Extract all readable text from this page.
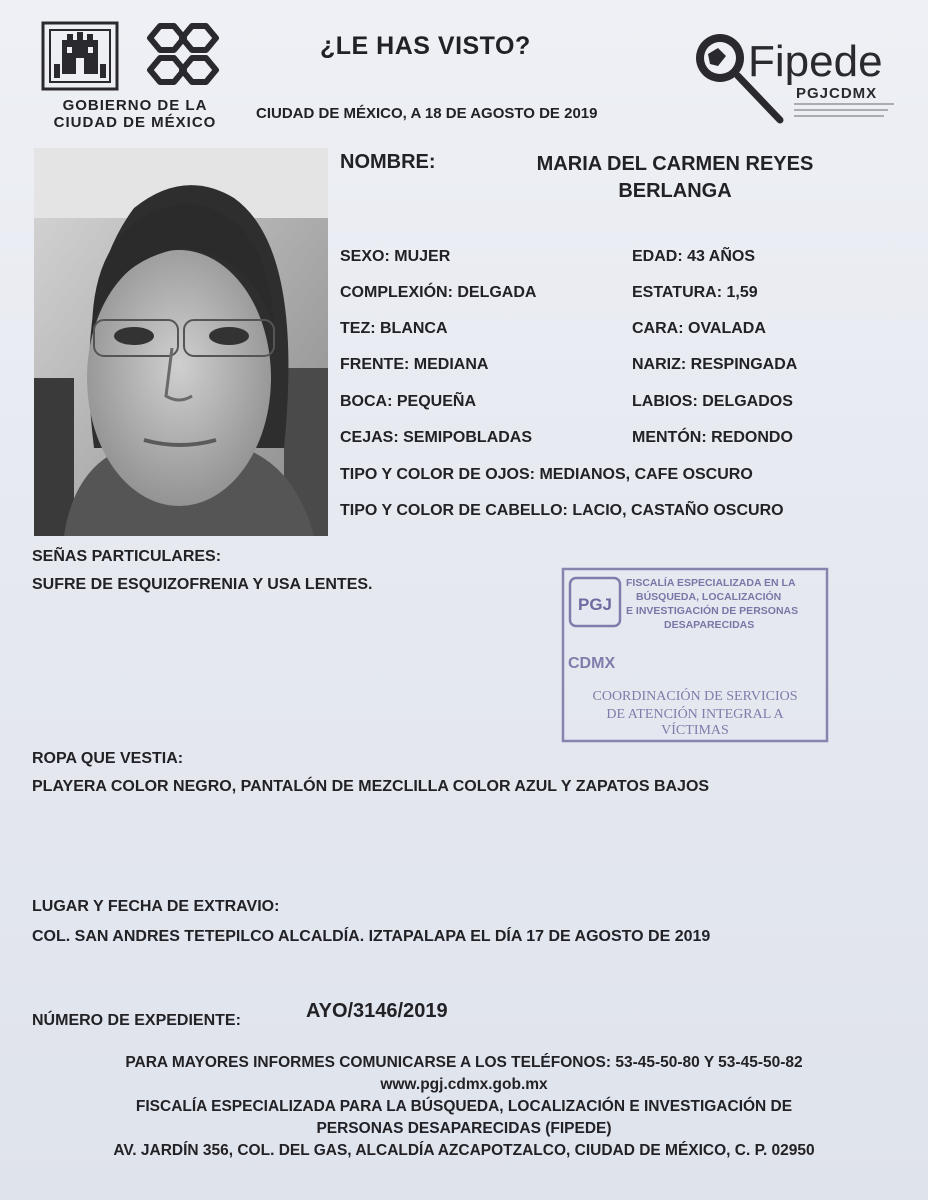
GOBIERNO DE LA
CIUDAD DE MÉXICO
¿LE HAS VISTO?
CIUDAD DE MÉXICO, A 18 DE AGOSTO DE 2019
Fipede
PGJCDMX
NOMBRE:	MARIA DEL CARMEN REYES
BERLANGA
SEXO: MUJER	EDAD: 43 AÑOS
COMPLEXIÓN: DELGADA	ESTATURA: 1,59
TEZ: BLANCA	CARA: OVALADA
FRENTE: MEDIANA	NARIZ: RESPINGADA
BOCA: PEQUEÑA	LABIOS: DELGADOS
CEJAS: SEMIPOBLADAS	MENTÓN: REDONDO
TIPO Y COLOR DE OJOS: MEDIANOS, CAFE OSCURO
TIPO Y COLOR DE CABELLO: LACIO, CASTAÑO OSCURO
SEÑAS PARTICULARES:
SUFRE DE ESQUIZOFRENIA Y USA LENTES.
PGJ
FISCALÍA ESPECIALIZADA EN LA
BÚSQUEDA, LOCALIZACIÓN
E INVESTIGACIÓN DE PERSONAS
DESAPARECIDAS
CDMX
COORDINACIÓN DE SERVICIOS
DE ATENCIÓN INTEGRAL A
VÍCTIMAS
ROPA QUE VESTIA:
PLAYERA COLOR NEGRO, PANTALÓN DE MEZCLILLA COLOR AZUL Y ZAPATOS BAJOS
LUGAR Y FECHA DE EXTRAVIO:
COL. SAN ANDRES TETEPILCO ALCALDÍA. IZTAPALAPA EL DÍA 17 DE AGOSTO DE 2019
NÚMERO DE EXPEDIENTE:	AYO/3146/2019
PARA MAYORES INFORMES COMUNICARSE A LOS TELÉFONOS: 53-45-50-80 Y 53-45-50-82
www.pgj.cdmx.gob.mx
FISCALÍA ESPECIALIZADA PARA LA BÚSQUEDA, LOCALIZACIÓN E INVESTIGACIÓN DE
PERSONAS DESAPARECIDAS (FIPEDE)
AV. JARDÍN 356, COL. DEL GAS, ALCALDÍA AZCAPOTZALCO, CIUDAD DE MÉXICO, C. P. 02950
